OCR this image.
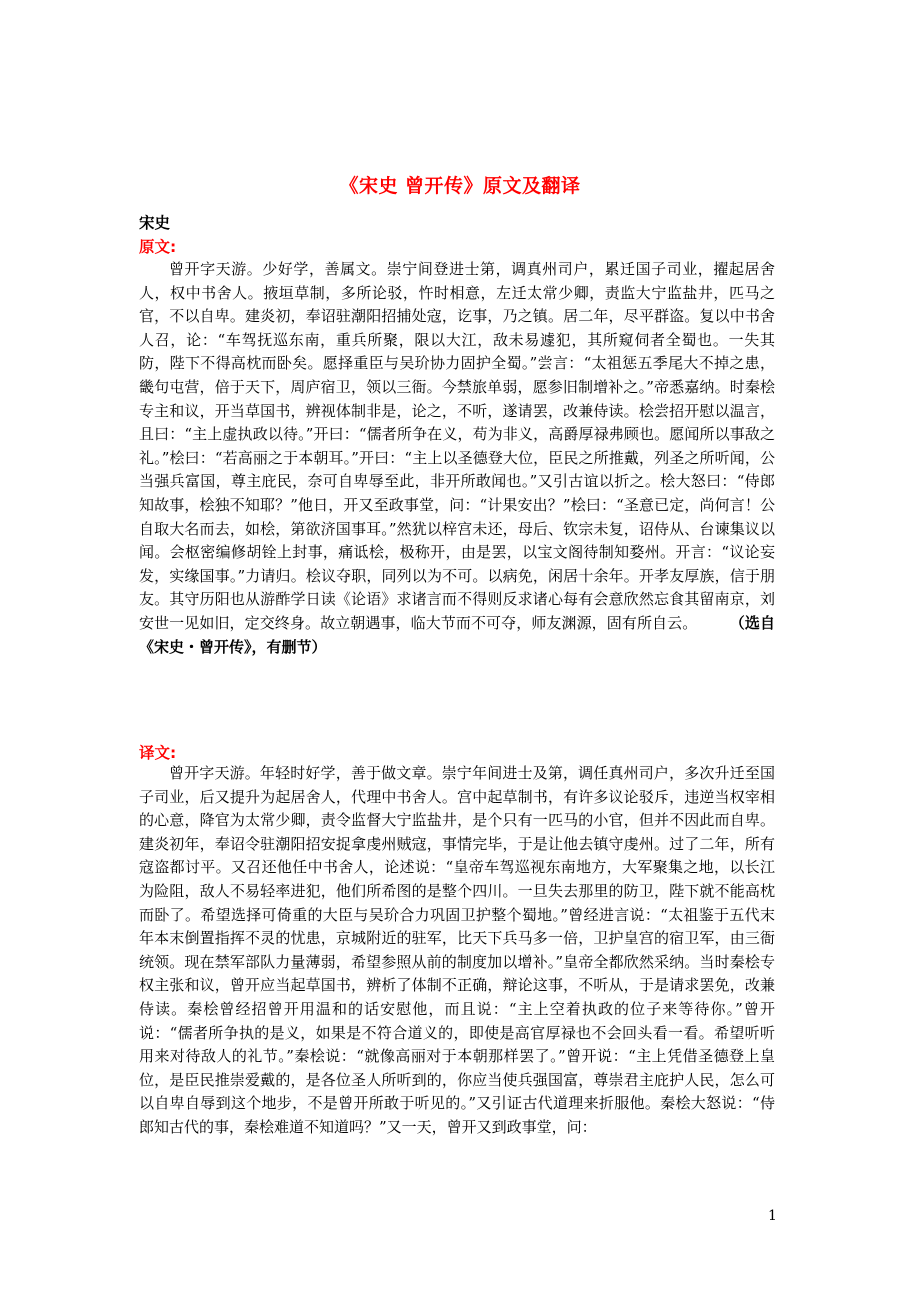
《宋史 曾开传》原文及翻译
宋史
原文:

曾开字天游。少好学，善属文。崇宁间登进士第，调真州司户，累迁国子司业，擢起居舍人，权中书舍人。掖垣草制，多所论驳，忤时相意，左迁太常少卿，责监大宁监盐井，匹马之官，不以自卑。建炎初，奉诏驻潮阳招捕处寇，讫事，乃之镇。居二年，尽平群盗。复以中书舍人召，论：“车驾抚巡东南，重兵所聚，限以大江，敌未易遽犯，其所窥伺者全蜀也。一失其防，陛下不得高枕而卧矣。愿择重臣与吴玠协力固护全蜀。”尝言：“太祖惩五季尾大不掉之患，畿句屯营，倍于天下，周庐宿卫，领以三衙。今禁旅单弱，愿参旧制增补之。”帝悉嘉纳。时秦桧专主和议，开当草国书，辨视体制非是，论之，不听，遂请罢，改兼侍读。桧尝招开慰以温言，且曰：“主上虚执政以待。”开曰：“儒者所争在义，苟为非义，高爵厚禄弗顾也。愿闻所以事敌之礼。”桧曰：“若高丽之于本朝耳。”开曰：“主上以圣德登大位，臣民之所推戴，列圣之所听闻，公当强兵富国，尊主庇民，奈可自卑辱至此，非开所敢闻也。”又引古谊以折之。桧大怒曰：“侍郎知故事，桧独不知耶？”他日，开又至政事堂，问：“计果安出？”桧曰：“圣意已定，尚何言！公自取大名而去，如桧，第欲济国事耳。”然犹以梓宫未还，母后、钦宗未复，诏侍从、台谏集议以闻。会枢密编修胡铨上封事，痛诋桧，极称开，由是罢，以宝文阁待制知婺州。开言：“议论妄发，实缘国事。”力请归。桧议夺职，同列以为不可。以病免，闲居十余年。开孝友厚族，信于朋友。其守历阳也从游酢学日读《论语》求诸言而不得则反求诸心每有会意欣然忘食其留南京，刘安世一见如旧，定交终身。故立朝遇事，临大节而不可夺，师友渊源，固有所自云。	（选自《宋史・曾开传》，有删节）

译文:

曾开字天游。年轻时好学，善于做文章。崇宁年间进士及第，调任真州司户，多次升迁至国子司业，后又提升为起居舍人，代理中书舍人。宫中起草制书，有许多议论驳斥，违逆当权宰相的心意，降官为太常少卿，责令监督大宁监盐井，是个只有一匹马的小官，但并不因此而自卑。建炎初年，奉诏令驻潮阳招安捉拿虔州贼寇，事情完毕，于是让他去镇守虔州。过了二年，所有寇盗都讨平。又召还他任中书舍人，论述说：“皇帝车驾巡视东南地方，大军聚集之地，以长江为险阻，敌人不易轻率进犯，他们所希图的是整个四川。一旦失去那里的防卫，陛下就不能高枕而卧了。希望选择可倚重的大臣与吴玠合力巩固卫护整个蜀地。”曾经进言说：“太祖鉴于五代末年本末倒置指挥不灵的忧患，京城附近的驻军，比天下兵马多一倍，卫护皇宫的宿卫军，由三衙统领。现在禁军部队力量薄弱，希望参照从前的制度加以增补。”皇帝全都欣然采纳。当时秦桧专权主张和议，曾开应当起草国书，辨析了体制不正确，辩论这事，不听从，于是请求罢免，改兼侍读。秦桧曾经招曾开用温和的话安慰他，而且说：“主上空着执政的位子来等待你。”曾开说：“儒者所争执的是义，如果是不符合道义的，即使是高官厚禄也不会回头看一看。希望听听用来对待敌人的礼节。”秦桧说：“就像高丽对于本朝那样罢了。”曾开说：“主上凭借圣德登上皇位，是臣民推崇爱戴的，是各位圣人所听到的，你应当使兵强国富，尊崇君主庇护人民，怎么可以自卑自辱到这个地步，不是曾开所敢于听见的。”又引证古代道理来折服他。秦桧大怒说：“侍郎知古代的事，秦桧难道不知道吗？”又一天，曾开又到政事堂，问：

1
